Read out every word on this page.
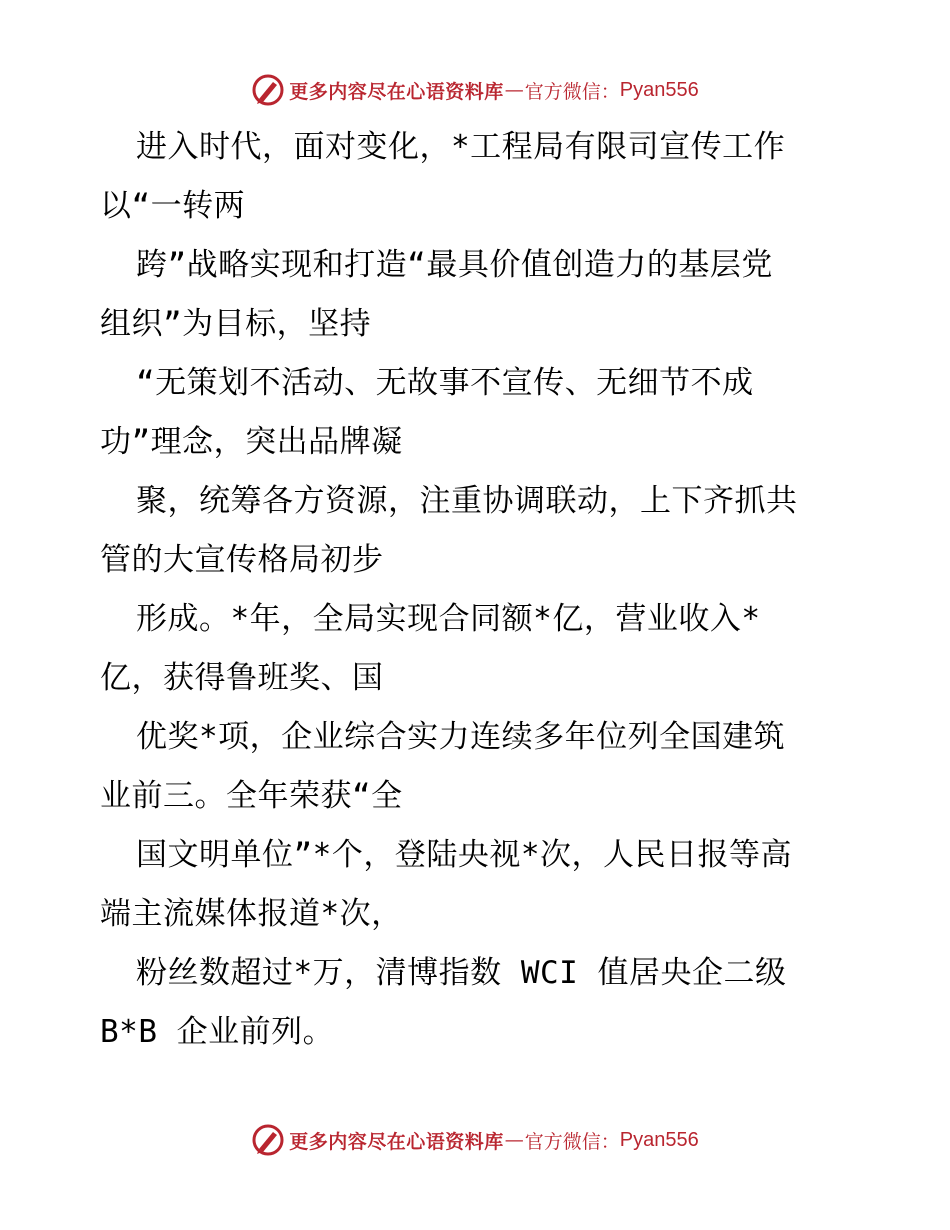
更多内容尽在心语资料库 — 官方微信： Pyan556
进入时代，面对变化，*工程局有限司宣传工作
以“一转两
跨”战略实现和打造“最具价值创造力的基层党
组织”为目标，坚持
“无策划不活动、无故事不宣传、无细节不成
功”理念，突出品牌凝
聚，统筹各方资源，注重协调联动，上下齐抓共
管的大宣传格局初步
形成。*年，全局实现合同额*亿，营业收入*
亿，获得鲁班奖、国
优奖*项，企业综合实力连续多年位列全国建筑
业前三。全年荣获“全
国文明单位”*个，登陆央视*次，人民日报等高
端主流媒体报道*次，
粉丝数超过*万，清博指数 WCI 值居央企二级
B*B 企业前列。
更多内容尽在心语资料库 — 官方微信： Pyan556
